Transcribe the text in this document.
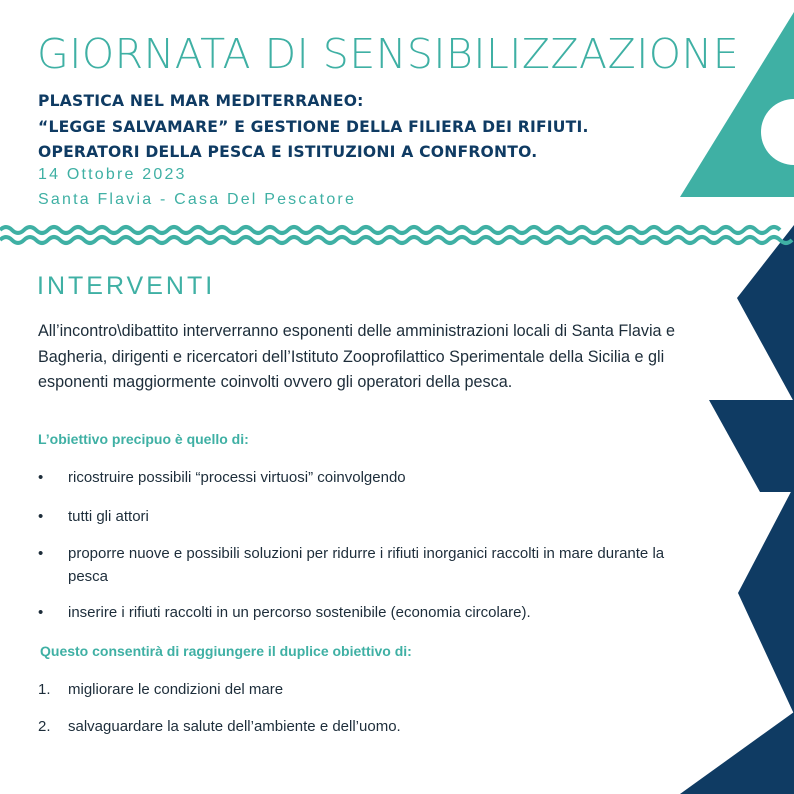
GIORNATA DI SENSIBILIZZAZIONE

PLASTICA NEL MAR MEDITERRANEO:

“LEGGE SALVAMARE” E GESTIONE DELLA FILIERA DEI RIFIUTI.

OPERATORI DELLA PESCA E ISTITUZIONI A CONFRONTO.

14 Ottobre 2023

Santa Flavia - Casa Del Pescatore

INTERVENTI

All’incontro\dibattito interverranno esponenti delle amministrazioni locali di Santa Flavia e Bagheria, dirigenti e ricercatori dell’Istituto Zooprofilattico Sperimentale della Sicilia e gli esponenti maggiormente coinvolti ovvero gli operatori della pesca.

L’obiettivo precipuo è quello di:

• ricostruire possibili “processi virtuosi” coinvolgendo
• tutti gli attori
• proporre nuove e possibili soluzioni per ridurre i rifiuti inorganici raccolti in mare durante la pesca
• inserire i rifiuti raccolti in un percorso sostenibile (economia circolare).

Questo consentirà di raggiungere il duplice obiettivo di:

1. migliorare le condizioni del mare
2. salvaguardare la salute dell’ambiente e dell’uomo.
